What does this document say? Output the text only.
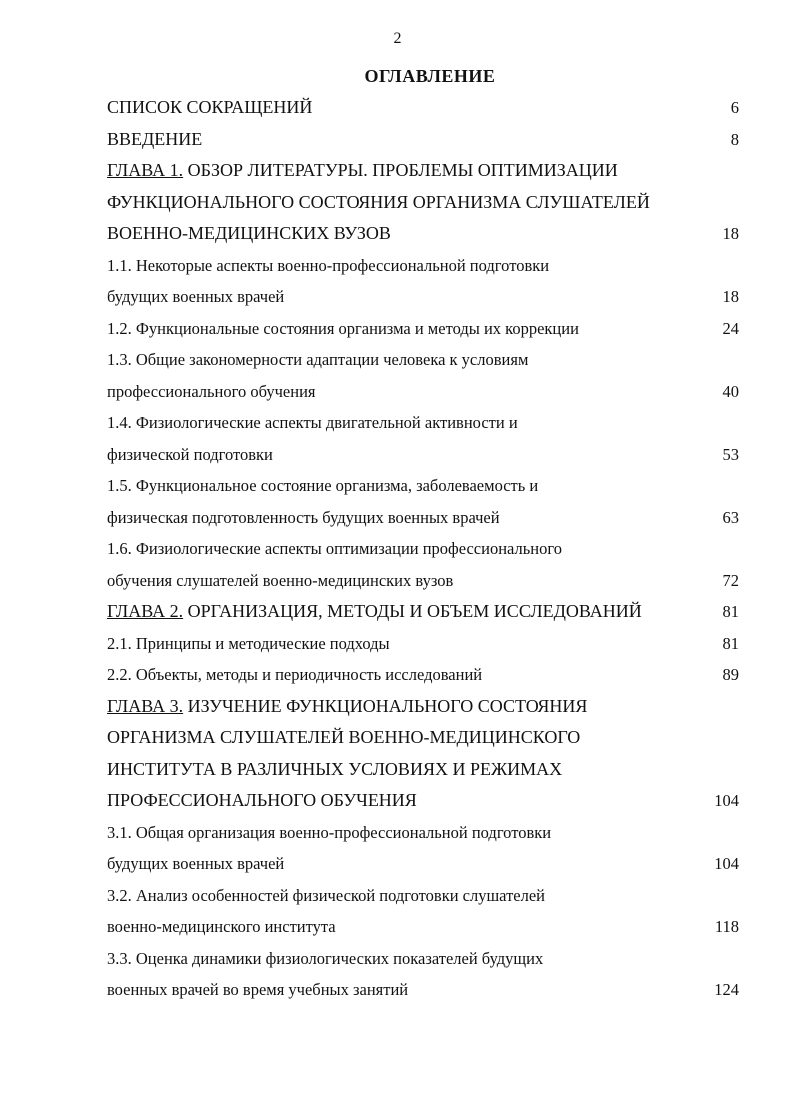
2
ОГЛАВЛЕНИЕ
СПИСОК СОКРАЩЕНИЙ	6
ВВЕДЕНИЕ	8
ГЛАВА 1. ОБЗОР ЛИТЕРАТУРЫ. ПРОБЛЕМЫ ОПТИМИЗАЦИИ
ФУНКЦИОНАЛЬНОГО СОСТОЯНИЯ ОРГАНИЗМА СЛУШАТЕЛЕЙ
ВОЕННО-МЕДИЦИНСКИХ ВУЗОВ	18
1.1. Некоторые аспекты военно-профессиональной подготовки
будущих военных врачей	18
1.2. Функциональные состояния организма и методы их коррекции	24
1.3. Общие закономерности адаптации человека к условиям
профессионального обучения	40
1.4. Физиологические аспекты двигательной активности и
физической подготовки	53
1.5. Функциональное состояние организма, заболеваемость и
физическая подготовленность будущих военных врачей	63
1.6. Физиологические аспекты оптимизации профессионального
обучения слушателей военно-медицинских вузов	72
ГЛАВА 2. ОРГАНИЗАЦИЯ, МЕТОДЫ И ОБЪЕМ ИССЛЕДОВАНИЙ	81
2.1. Принципы и методические подходы	81
2.2. Объекты, методы и периодичность исследований	89
ГЛАВА 3. ИЗУЧЕНИЕ ФУНКЦИОНАЛЬНОГО СОСТОЯНИЯ
ОРГАНИЗМА СЛУШАТЕЛЕЙ ВОЕННО-МЕДИЦИНСКОГО
ИНСТИТУТА В РАЗЛИЧНЫХ УСЛОВИЯХ И РЕЖИМАХ
ПРОФЕССИОНАЛЬНОГО ОБУЧЕНИЯ	104
3.1. Общая организация военно-профессиональной подготовки
будущих военных врачей	104
3.2. Анализ особенностей физической подготовки слушателей
военно-медицинского института	118
3.3. Оценка динамики физиологических показателей будущих
военных врачей во время учебных занятий	124
